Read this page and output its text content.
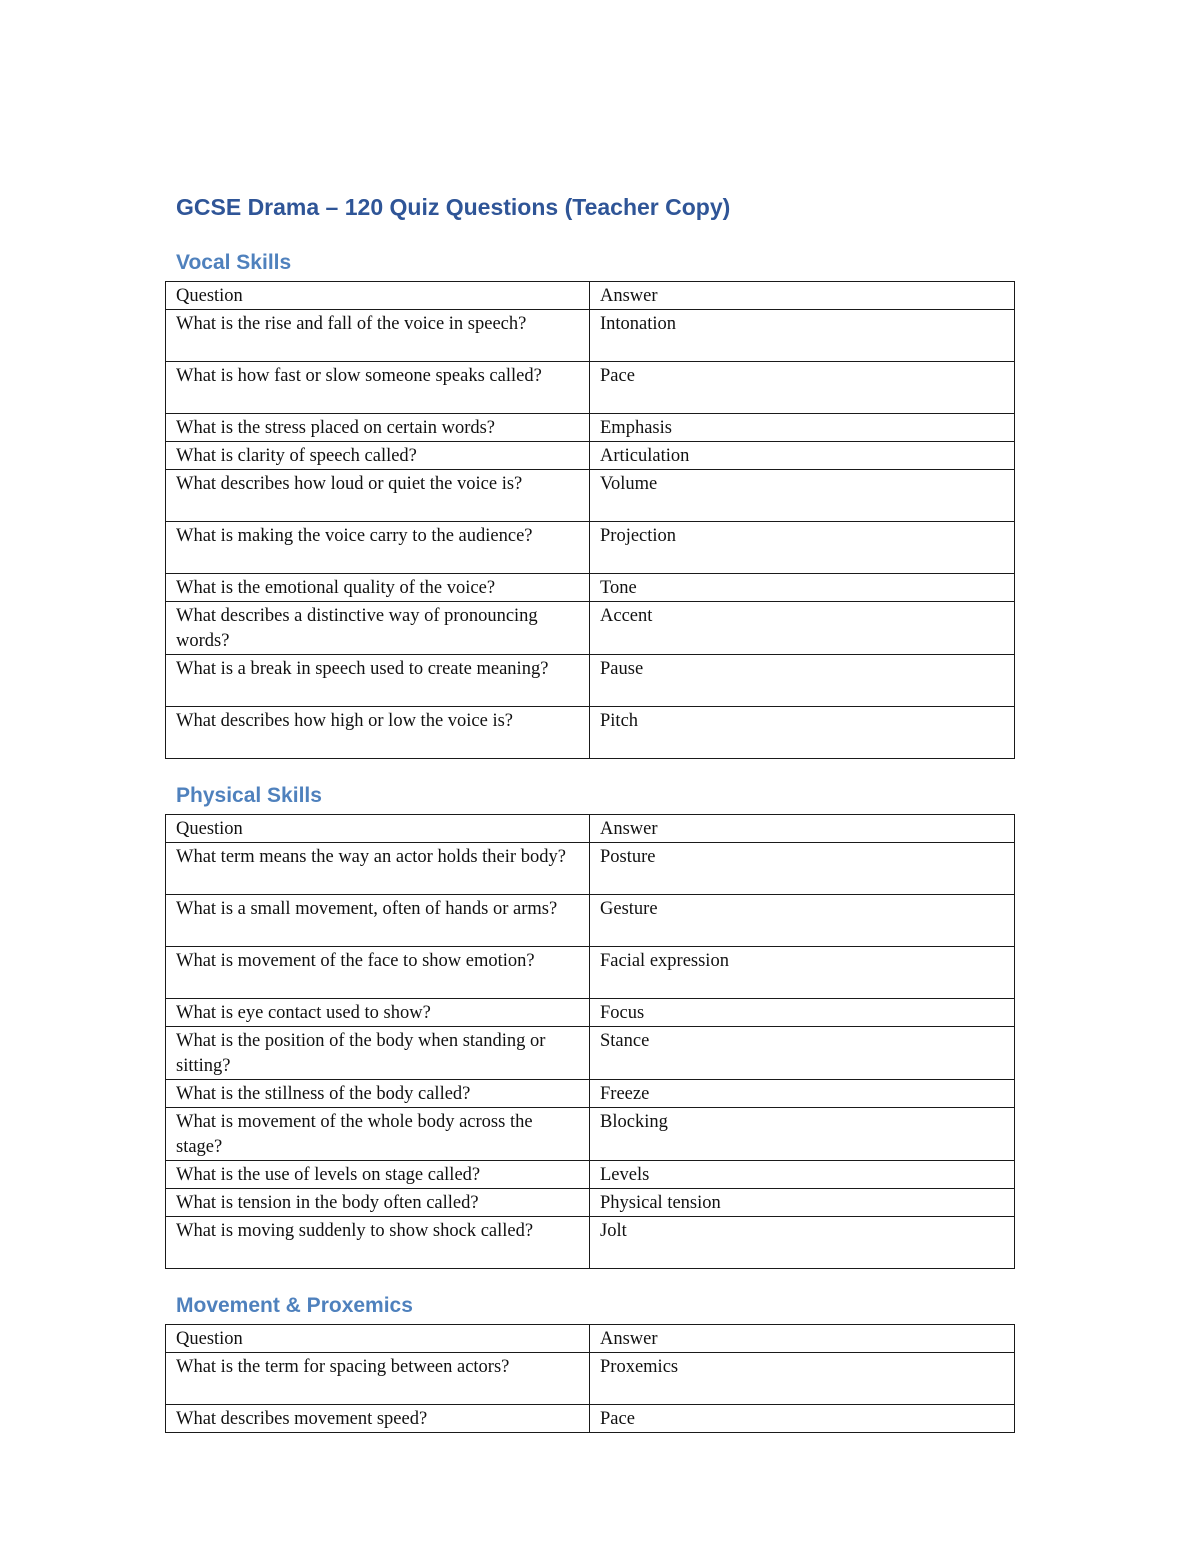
GCSE Drama – 120 Quiz Questions (Teacher Copy)
Vocal Skills
Question	Answer
What is the rise and fall of the voice in speech?	Intonation
What is how fast or slow someone speaks called?	Pace
What is the stress placed on certain words?	Emphasis
What is clarity of speech called?	Articulation
What describes how loud or quiet the voice is?	Volume
What is making the voice carry to the audience?	Projection
What is the emotional quality of the voice?	Tone
What describes a distinctive way of pronouncing words?	Accent
What is a break in speech used to create meaning?	Pause
What describes how high or low the voice is?	Pitch
Physical Skills
Question	Answer
What term means the way an actor holds their body?	Posture
What is a small movement, often of hands or arms?	Gesture
What is movement of the face to show emotion?	Facial expression
What is eye contact used to show?	Focus
What is the position of the body when standing or sitting?	Stance
What is the stillness of the body called?	Freeze
What is movement of the whole body across the stage?	Blocking
What is the use of levels on stage called?	Levels
What is tension in the body often called?	Physical tension
What is moving suddenly to show shock called?	Jolt
Movement & Proxemics
Question	Answer
What is the term for spacing between actors?	Proxemics
What describes movement speed?	Pace
